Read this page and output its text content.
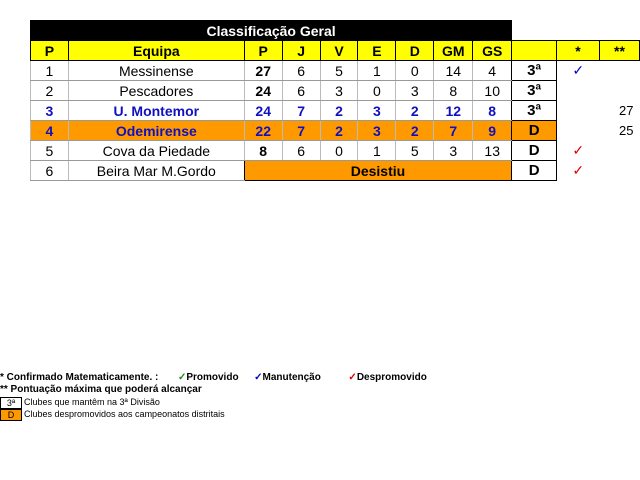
Classificação Geral											
P	Equipa	P	J	V	E	D	GM	GS		*	**
1	Messinense	27	6	5	1	0	14	4	3ª	✓	
2	Pescadores	24	6	3	0	3	8	10	3ª		
3	U. Montemor	24	7	2	3	2	12	8	3ª		27
4	Odemirense	22	7	2	3	2	7	9	D		25
5	Cova da Piedade	8	6	0	1	5	3	13	D	✓	
6	Beira Mar M.Gordo	Desistiu							D	✓	
* Confirmado Matematicamente. : ✓Promovido ✓Manutenção	✓Despromovido
** Pontuação máxima que poderá alcançar
3ª Clubes que mantêm na 3ª Divisão
D Clubes despromovidos aos campeonatos distritais
